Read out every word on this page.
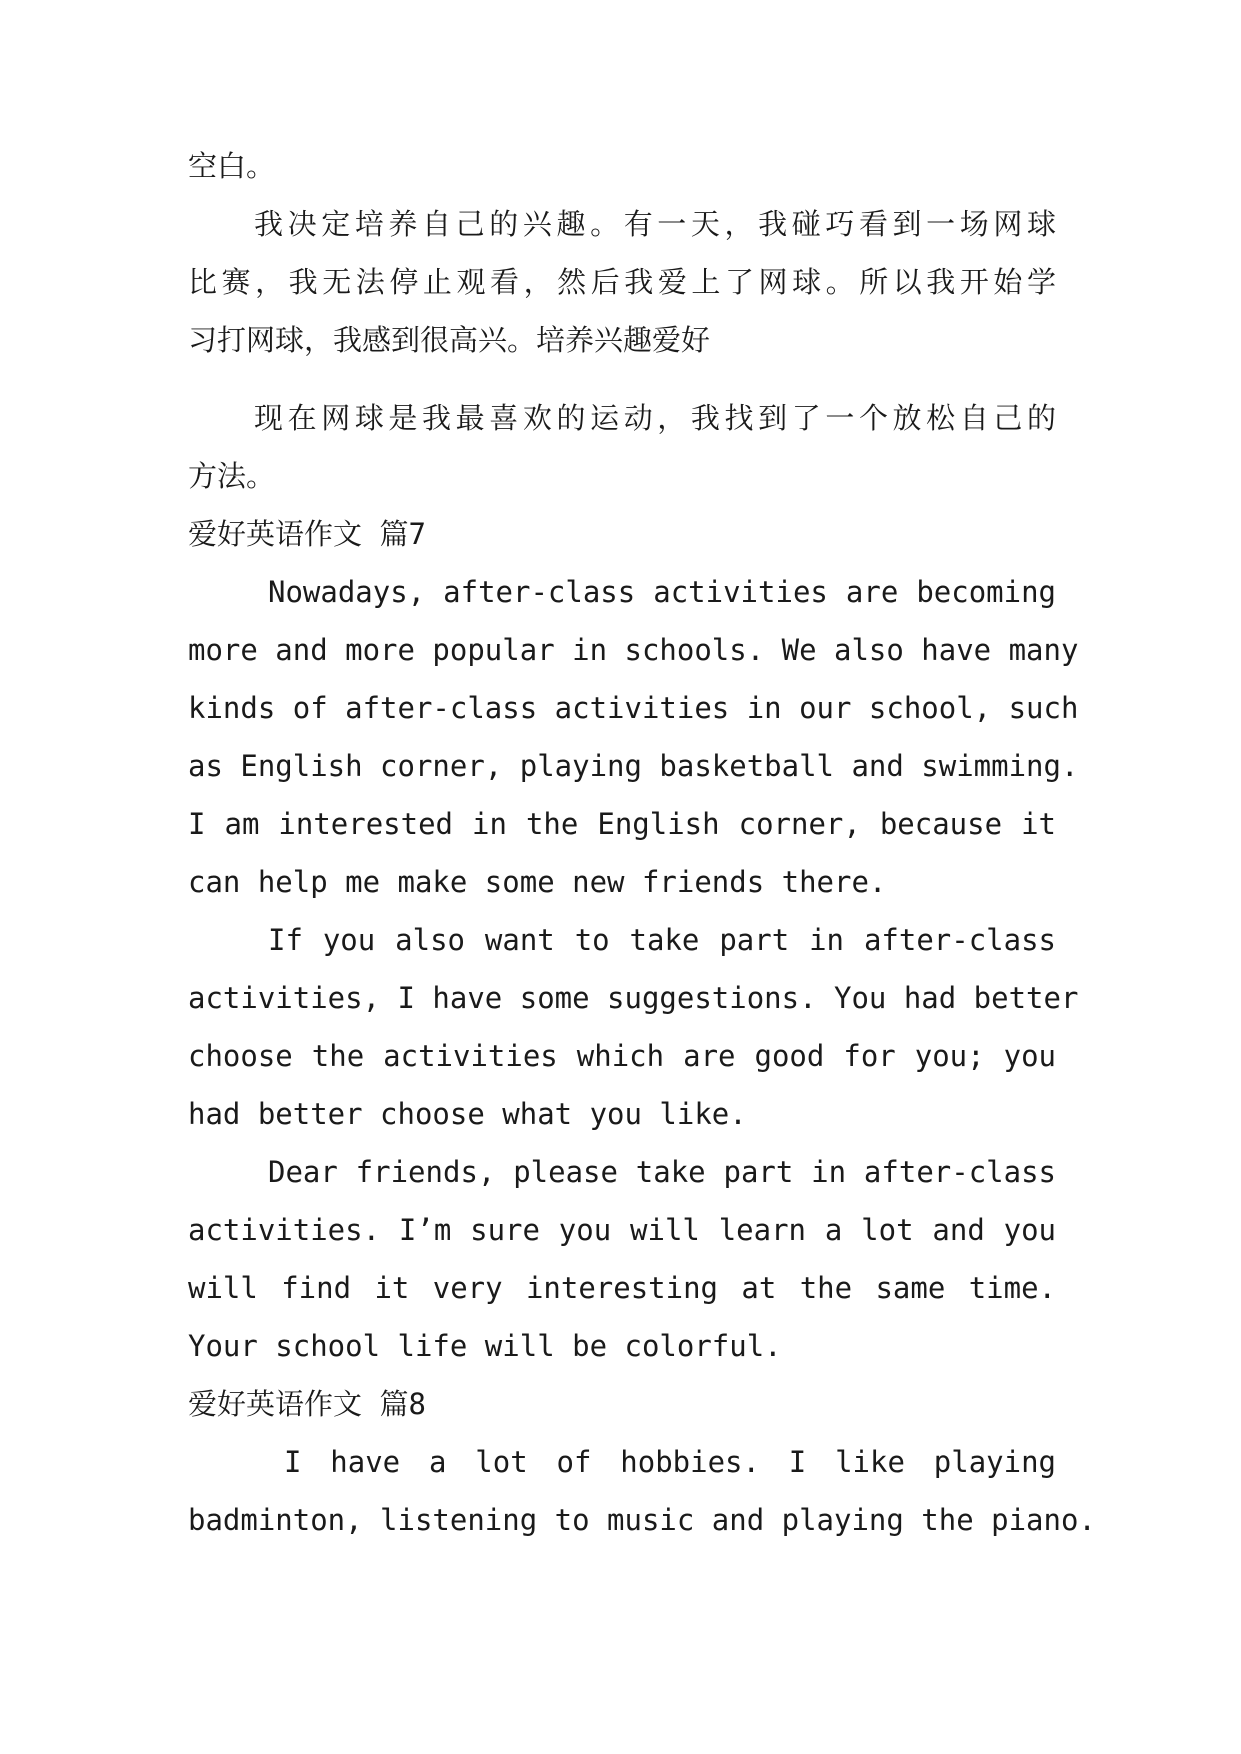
空白。
我决定培养自己的兴趣。有一天，我碰巧看到一场网球
比赛，我无法停止观看，然后我爱上了网球。所以我开始学
习打网球，我感到很高兴。培养兴趣爱好
现在网球是我最喜欢的运动，我找到了一个放松自己的
方法。
爱好英语作文 篇7
Nowadays, after-class activities are becoming
more and more popular in schools. We also have many
kinds of after-class activities in our school, such
as English corner, playing basketball and swimming.
I am interested in the English corner, because it
can help me make some new friends there.
If you also want to take part in after-class
activities, I have some suggestions. You had better
choose the activities which are good for you; you
had better choose what you like.
Dear friends, please take part in after-class
activities. I’m sure you will learn a lot and you
will find it very interesting at the same time.
Your school life will be colorful.
爱好英语作文 篇8
I have a lot of hobbies. I like playing
badminton, listening to music and playing the piano.
